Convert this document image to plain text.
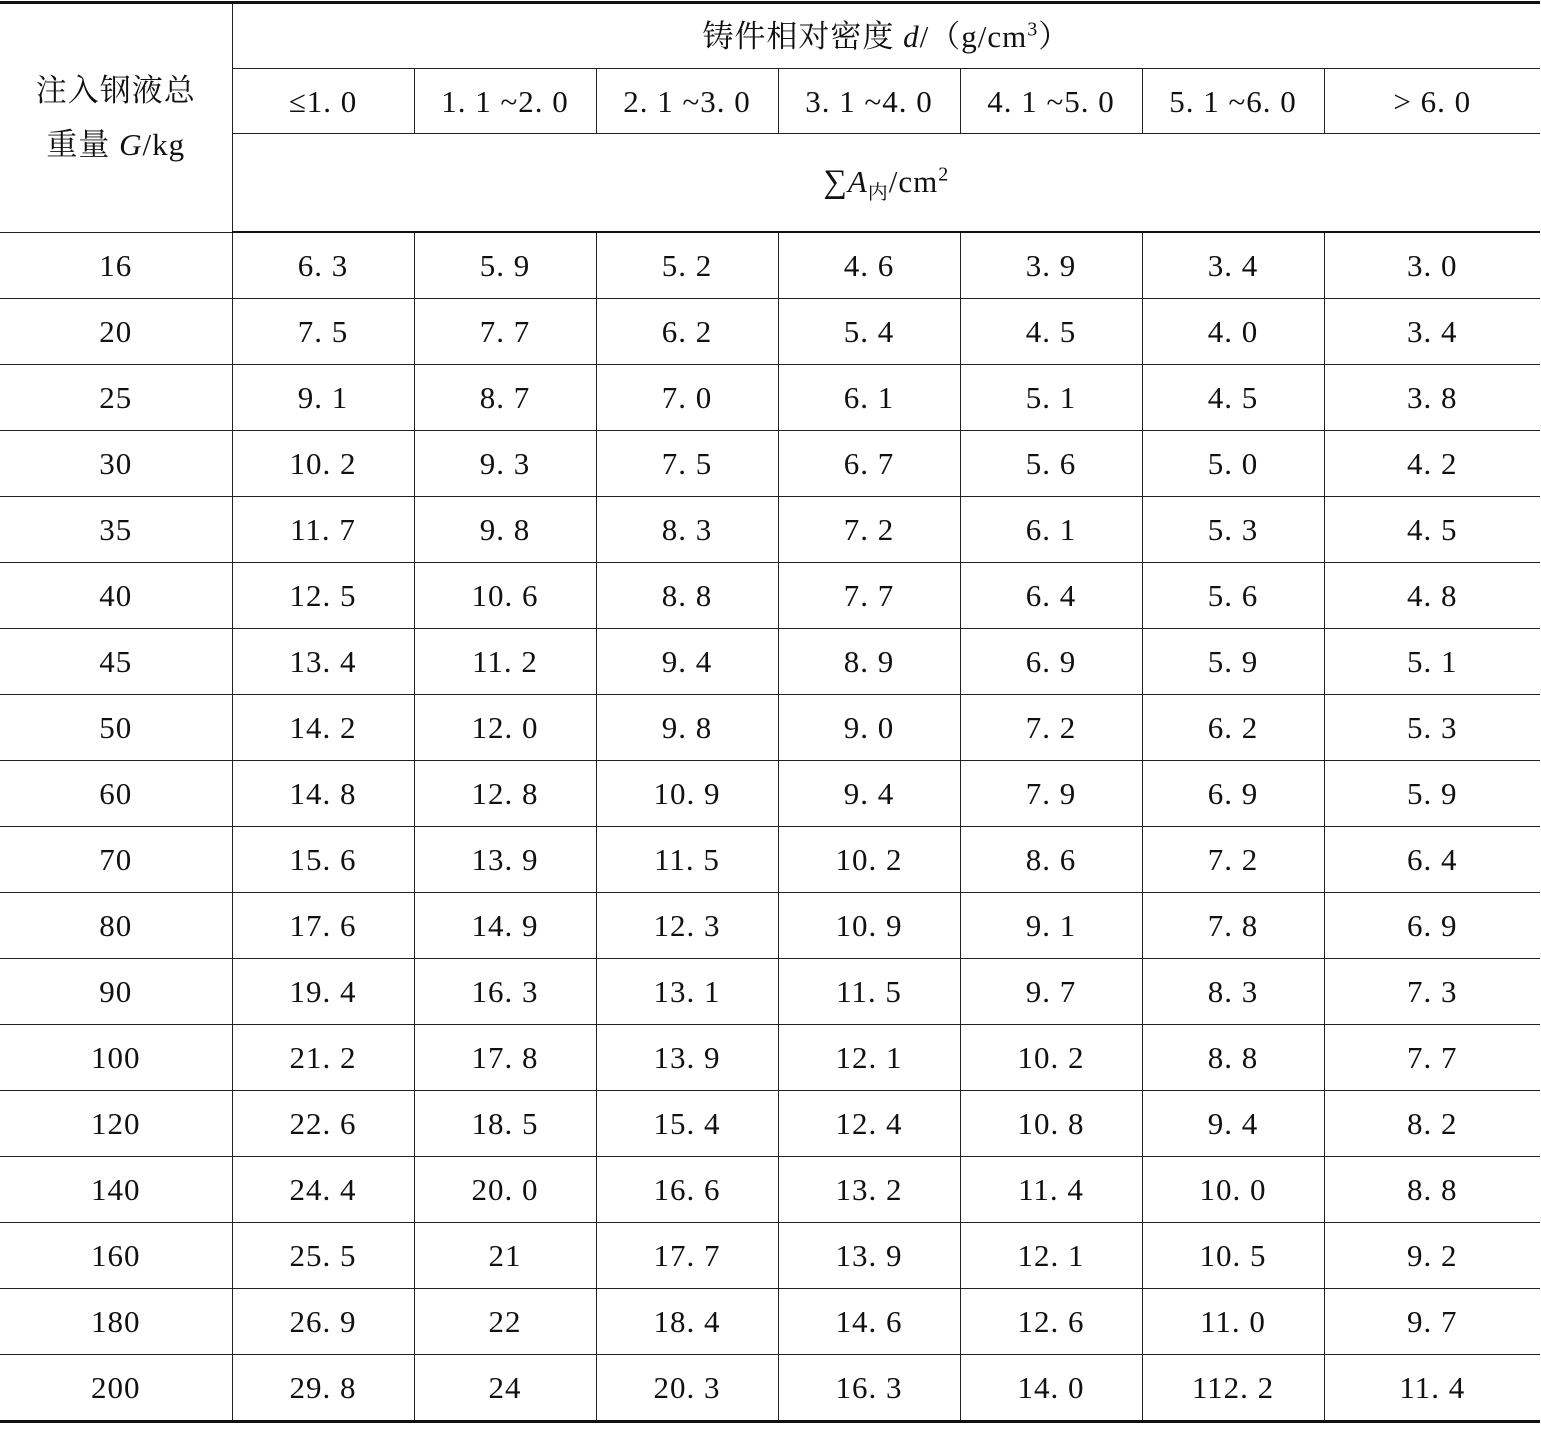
注入钢液总
重量 G/kg	铸件相对密度 $d/(g/cm^3)$						
	≤1. 0	1. 1 ~2. 0	2. 1 ~3. 0	3. 1 ~4. 0	4. 1 ~5. 0	5. 1 ~6. 0	> 6. 0
	$\sum A_内/cm^2$
16	6. 3	5. 9	5. 2	4. 6	3. 9	3. 4	3. 0
20	7. 5	7. 7	6. 2	5. 4	4. 5	4. 0	3. 4
25	9. 1	8. 7	7. 0	6. 1	5. 1	4. 5	3. 8
30	10. 2	9. 3	7. 5	6. 7	5. 6	5. 0	4. 2
35	11. 7	9. 8	8. 3	7. 2	6. 1	5. 3	4. 5
40	12. 5	10. 6	8. 8	7. 7	6. 4	5. 6	4. 8
45	13. 4	11. 2	9. 4	8. 9	6. 9	5. 9	5. 1
50	14. 2	12. 0	9. 8	9. 0	7. 2	6. 2	5. 3
60	14. 8	12. 8	10. 9	9. 4	7. 9	6. 9	5. 9
70	15. 6	13. 9	11. 5	10. 2	8. 6	7. 2	6. 4
80	17. 6	14. 9	12. 3	10. 9	9. 1	7. 8	6. 9
90	19. 4	16. 3	13. 1	11. 5	9. 7	8. 3	7. 3
100	21. 2	17. 8	13. 9	12. 1	10. 2	8. 8	7. 7
120	22. 6	18. 5	15. 4	12. 4	10. 8	9. 4	8. 2
140	24. 4	20. 0	16. 6	13. 2	11. 4	10. 0	8. 8
160	25. 5	21	17. 7	13. 9	12. 1	10. 5	9. 2
180	26. 9	22	18. 4	14. 6	12. 6	11. 0	9. 7
200	29. 8	24	20. 3	16. 3	14. 0	112. 2	11. 4
